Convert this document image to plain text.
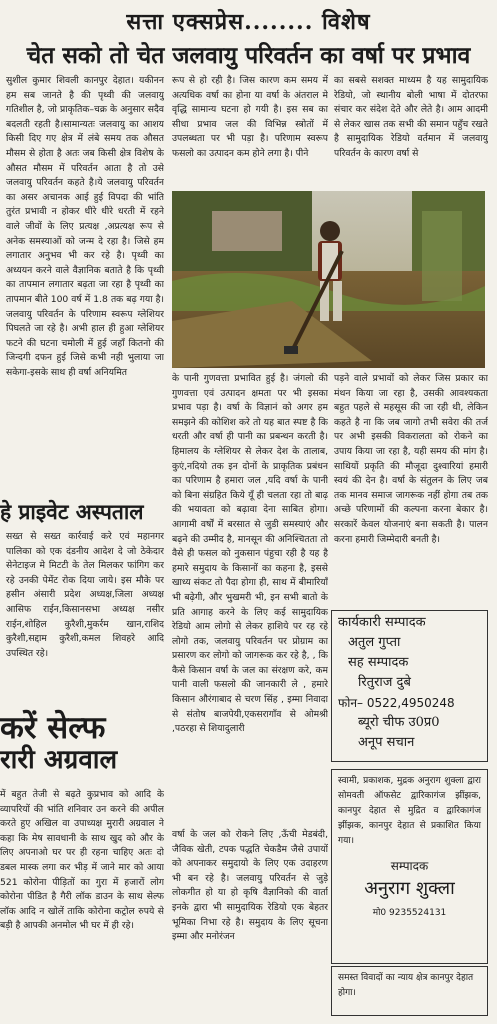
सत्ता एक्सप्रेस........ विशेष
चेत सको तो चेत जलवायु परिवर्तन का वर्षा पर प्रभाव

सुशील कुमार शिवली कानपुर देहात। यकीनन हम सब जानते है की पृथ्वी की जलवायु गतिशील है, जो प्राकृतिक–चक्र के अनुसार सदैव बदलती रहती है।सामान्यतः जलवायु का आशय किसी दिए गए क्षेत्र में लंबे समय तक औसत मौसम से होता है अतः जब किसी क्षेत्र विशेष के औसत मौसम में परिवर्तन आता है तो उसे जलवायु परिवर्तन कहते है।ये जलवायु परिवर्तन का असर अचानक आई हुई विपदा की भांति तुरंत प्रभावी न होकर धीरे धीरे धरती में रहने वाले जीवों के लिए प्रत्यक्ष ,अप्रत्यक्ष रूप से अनेक समस्याओं को जन्म दे रहा है। जिसे हम लगातार अनुभव भी कर रहे है। पृथ्वी का अध्ययन करने वाले वैज्ञानिक बताते है कि पृथ्वी का तापमान लगातार बढ़ता जा रहा है पृथ्वी का तापमान बीते 100 वर्ष में 1.8 तक बढ़ गया है। जलवायु परिवर्तन के परिणाम स्वरूप ग्लेशियर पिघलते जा रहे है। अभी हाल ही हुआ ग्लेशियर फटने की घटना चमोली में हुई जहाँ कितनो की जिन्दगी दफन हुई जिसे कभी नही भुलाया जा सकेगा-इसके साथ ही वर्षा अनियमित

रूप से हो रही है। जिस कारण कम समय में अत्यधिक वर्षा का होना या वर्षा के अंतराल मे वृद्धि सामान्य घटना हो गयी है। इस सब का सीधा प्रभाव जल की विभिन्न स्त्रोतों में उपलब्धता पर भी पड़ा है। परिणाम स्वरूप फसलो का उत्पादन कम होने लगा है। पीने

का सबसे सशक्त माध्यम है यह सामुदायिक रेडियो, जो स्थानीय बोली भाषा में दोतरफा संचार कर संदेश देते और लेते है। आम आदमी से लेकर खास तक सभी की समान पहुँच रखते है सामुदायिक रेडियो वर्तमान में जलवायु परिवर्तन के कारण वर्षा से

के पानी गुणवत्ता प्रभावित हुई है। जंगलो की गुणवत्ता एवं उत्पादन क्षमता पर भी इसका प्रभाव पड़ा है। वर्षा के विज्ञानं को अगर हम समझने की कोशिश करे तो यह बात स्पष्ट है कि धरती और वर्षा ही पानी का प्रबन्धन करती है। हिमालय के ग्लेशियर से लेकर देश के तालाब, कुएं,नदियो तक इन दोनों के प्राकृतिक प्रबंधन का परिणाम है हमारा जल ,यदि वर्षा के पानी को बिना संग्रहित किये यूँ ही चलता रहा तो बाढ़ की भयावता को बढ़ावा देना साबित होगा। आगामी वर्षों में बरसात से जुडी समस्याएं और बढ़ने की उम्मीद है, मानसून की अनिश्चितता तो वैसे ही फसल को नुकसान पंहुचा रही है यह है हमारे समुदाय के किसानों का कहना है, इससे खाध्य संकट तो पैदा होगा ही, साथ में बीमारियाँ भी बढ़ेगी, और भुखमरी भी, इन सभी बातो के प्रति आगाह करने के लिए कई सामुदायिक रेडियो आम लोगो से लेकर हाशिये पर रह रहे लोगो तक, जलवायु परिवर्तन पर प्रोग्राम का प्रसारण कर लोगो को जागरूक कर रहे है, , कि कैसे किसान वर्षा के जल का संरक्षण करे, कम पानी वाली फसलो की जानकारी ले , हमारे किसान औरंगाबाद से चरण सिंह , इम्मा निवादा से संतोष बाजपेयी,एकसरागाँव से ओमश्री ,पठरहा से शियादुलारी

वर्षा के जल को रोकने लिए ,ऊँची मेडबंदी, जैविक खेती, टपक पद्धति चेकडैम जैसे उपायों को अपनाकर समुदायो के लिए एक उदाहरण भी बन रहे है। जलवायु परिवर्तन से जुड़े लोकगीत हो या हो कृषि वैज्ञानिको की वार्ता इनके द्वारा भी सामुदायिक रेडियो एक बेहतर भूमिका निभा रहे है। समुदाय के लिए सूचना इम्मा और मनोरंजन

पड़ने वाले प्रभावों को लेकर जिस प्रकार का मंथन किया जा रहा है, उसकी आवश्यकता बहुत पहले से महसूस की जा रही थी, लेकिन कहते है ना कि जब जागो तभी सवेरा की तर्ज पर अभी इसकी विकरालता को रोकने का उपाय किया जा रहा है, यही समय की मांग है।साथियों प्रकृति की मौजूदा दुश्वारियां हमारी स्वयं की देन है। वर्षा के संतुलन के लिए जब तक मानव समाज जागरूक नहीं होगा तब तक अच्छे परिणामों की कल्पना करना बेकार है। सरकारें केवल योजनाएं बना सकती है। पालन करना हमारी जिम्मेदारी बनती है।

हे प्राइवेट अस्पताल

सख्त से सख्त कार्रवाई करे एवं महानगर पालिका को एक दंडनीय आदेश दे जो ठेकेदार सेनेटाइज मे मिटटी के तेल मिलकर फांगिग कर रहे उनकी पेमेंट रोक दिया जाये। इस मौके पर हसीन अंसारी प्रदेश अध्यक्ष,जिला अध्यक्ष आसिफ राईन,किसानसभा अध्यक्ष नसीर राईन,शोहिल कुरैशी,मुकर्रम खान,राशिद कुरैशी,सद्दाम कुरैशी,कमल शिवहरे आदि उपस्थित रहे।

करें सेल्फ
रारी अग्रवाल

में बहुत तेजी से बढ़ते कुप्रभाव को आदि के व्यापरियों की भांति शनिवार उन करने की अपील करते हुए अखिल वा उपाध्यक्ष मुरारी अग्रवाल ने कहा कि मेष सावधानी के साथ खुद को और के लिए अपनाओ घर पर ही रहना चाहिए अतः दो डबल मास्क लगा कर भीड़ में जाने मार को आया 521 कोरोना पीड़ितों का गुरा में हजारों लोग कोरोना पीडित है गैरी लॉक डाउन के साथ सेल्फ लॉक आदि न खोलें ताकि कोरोना कट्रोल रुपये से बड़ी है आपकी अनमोल भी घर में ही रहे।

कार्यकारी सम्पादक
अतुल गुप्ता
सह सम्पादक
रितुराज दुबे
फोन– 0522,4950248
ब्यूरो चीफ उ0प्र0
अनूप सचान
स्वामी, प्रकाशक, मुद्रक अनुराग शुक्ला द्वारा सोमवती ऑफसेट द्वारिकागंज झींझक, कानपुर देहात से मुद्रित व द्वारिकागंज झींझक, कानपुर देहात से प्रकाशित किया गया।
सम्पादक
अनुराग शुक्ला
मो0 9235524131
समस्त विवादों का न्याय क्षेत्र कानपुर देहात होगा।
